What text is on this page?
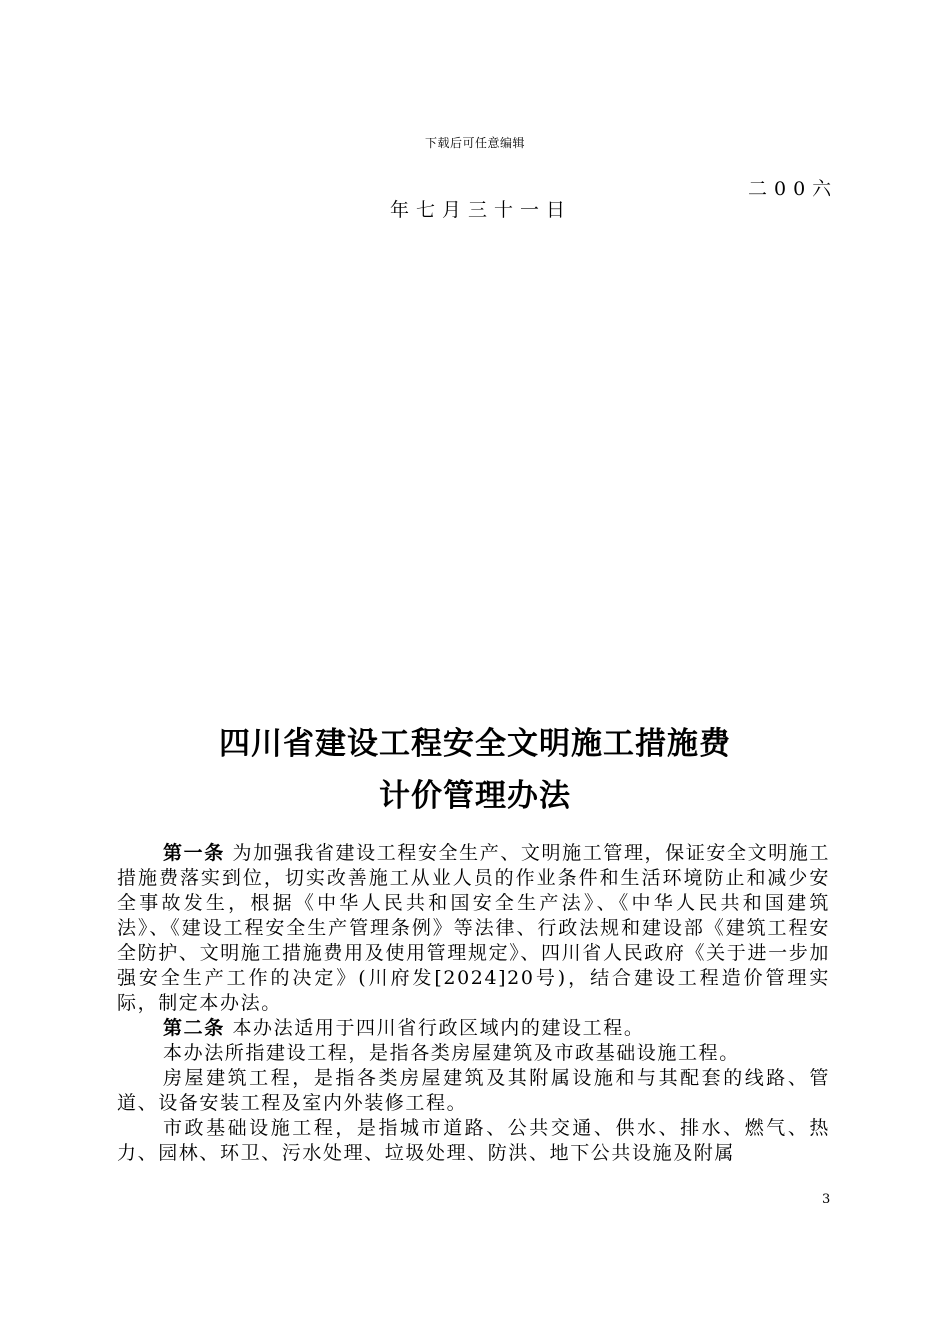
下载后可任意编辑
二00六
年七月三十一日
四川省建设工程安全文明施工措施费
计价管理办法

第一条 为加强我省建设工程安全生产、文明施工管理，保证安全文明施工措施费落实到位，切实改善施工从业人员的作业条件和生活环境防止和减少安全事故发生，根据《中华人民共和国安全生产法》、《中华人民共和国建筑法》、《建设工程安全生产管理条例》等法律、行政法规和建设部《建筑工程安全防护、文明施工措施费用及使用管理规定》、四川省人民政府《关于进一步加强安全生产工作的决定》(川府发[2024]20号)，结合建设工程造价管理实际，制定本办法。

第二条 本办法适用于四川省行政区域内的建设工程。

本办法所指建设工程，是指各类房屋建筑及市政基础设施工程。

房屋建筑工程，是指各类房屋建筑及其附属设施和与其配套的线路、管道、设备安装工程及室内外装修工程。

市政基础设施工程，是指城市道路、公共交通、供水、排水、燃气、热力、园林、环卫、污水处理、垃圾处理、防洪、地下公共设施及附属

3
